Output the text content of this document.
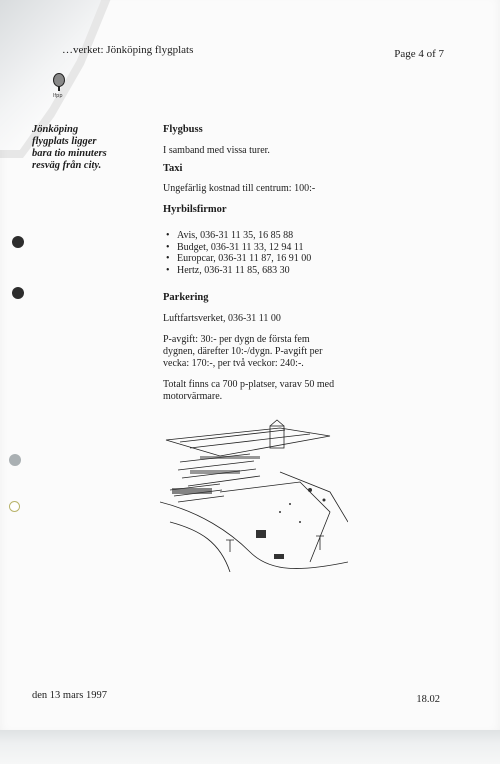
…verket: Jönköping flygplats	Page 4 of 7
lfpp
Jönköping
flygplats ligger
bara tio minuters
resväg från city.

Flygbuss

I samband med vissa turer.

Taxi

Ungefärlig kostnad till centrum: 100:-

Hyrbilsfirmor

• Avis, 036-31 11 35, 16 85 88
• Budget, 036-31 11 33, 12 94 11
• Europcar, 036-31 11 87, 16 91 00
• Hertz, 036-31 11 85, 683 30

Parkering

Luftfartsverket, 036-31 11 00

P-avgift: 30:- per dygn de första fem

dygnen, därefter 10:-/dygn. P-avgift per

vecka: 170:-, per två veckor: 240:-.

Totalt finns ca 700 p-platser, varav 50 med

motorvärmare.

den 13 mars 1997	18.02
